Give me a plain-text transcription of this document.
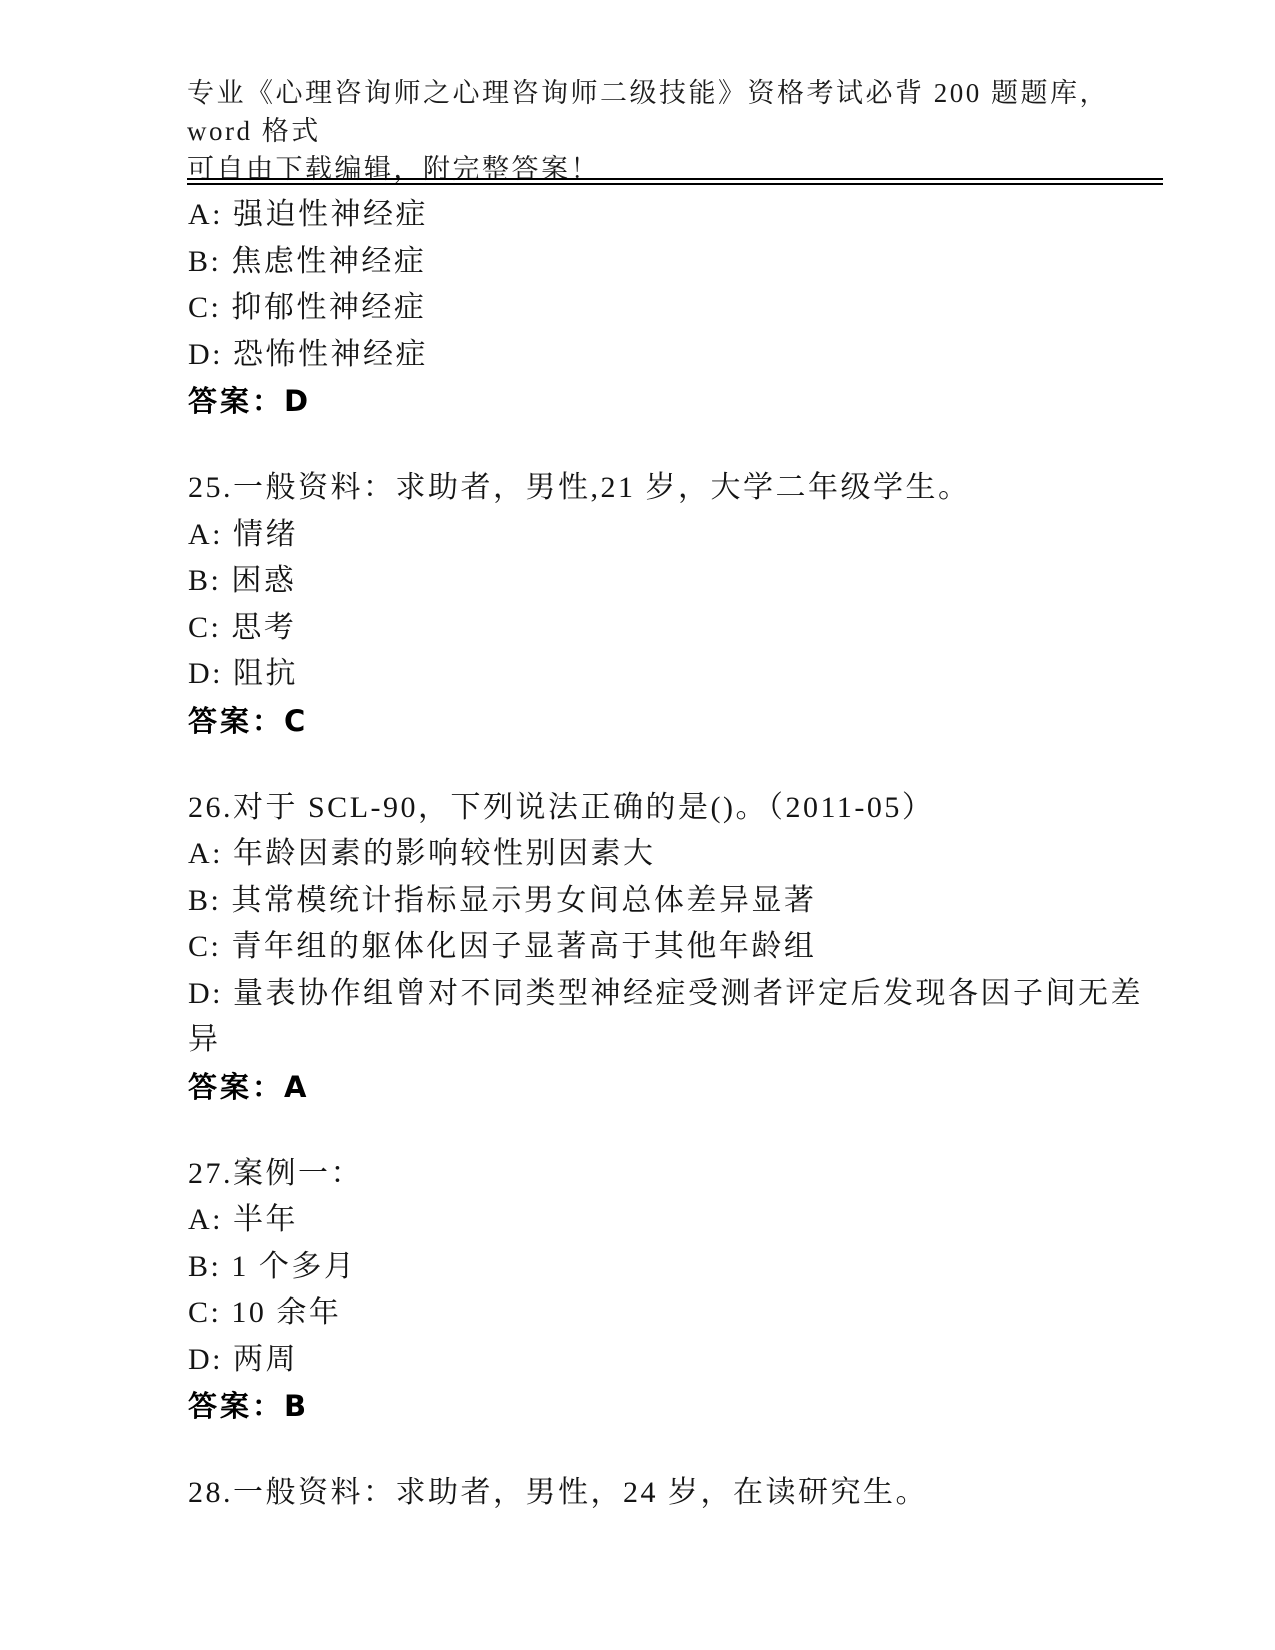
专业《心理咨询师之心理咨询师二级技能》资格考试必背 200 题题库，word 格式
可自由下载编辑，附完整答案！
A: 强迫性神经症
B: 焦虑性神经症
C: 抑郁性神经症
D: 恐怖性神经症
答案：D
25.一般资料：求助者，男性,21 岁，大学二年级学生。
A: 情绪
B: 困惑
C: 思考
D: 阻抗
答案：C
26.对于 SCL-90，下列说法正确的是()。（2011-05）
A: 年龄因素的影响较性别因素大
B: 其常模统计指标显示男女间总体差异显著
C: 青年组的躯体化因子显著高于其他年龄组
D: 量表协作组曾对不同类型神经症受测者评定后发现各因子间无差异
答案：A
27.案例一：
A: 半年
B: 1 个多月
C: 10 余年
D: 两周
答案：B
28.一般资料：求助者，男性，24 岁，在读研究生。
